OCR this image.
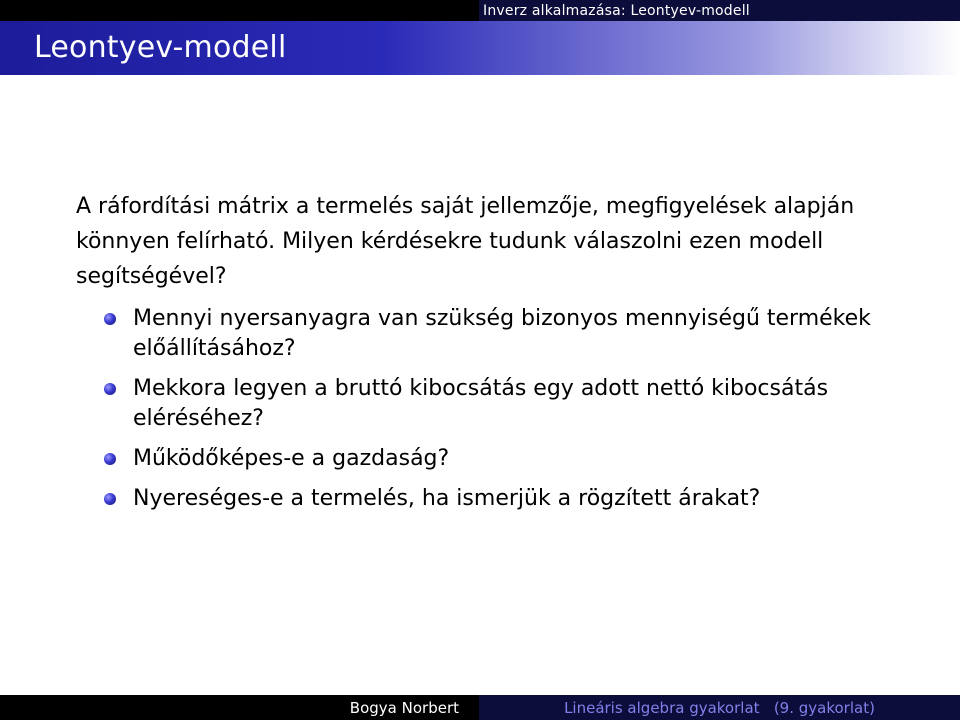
Inverz alkalmazása: Leontyev-modell
Leontyev-modell

A ráfordítási mátrix a termelés saját jellemzője, megfigyelések alapján könnyen felírható. Milyen kérdésekre tudunk válaszolni ezen modell segítségével?

Mennyi nyersanyagra van szükség bizonyos mennyiségű termékek előállításához?
Mekkora legyen a bruttó kibocsátás egy adott nettó kibocsátás eléréséhez?
Működőképes-e a gazdaság?
Nyereséges-e a termelés, ha ismerjük a rögzített árakat?
Bogya Norbert	Lineáris algebra gyakorlat   (9. gyakorlat)
